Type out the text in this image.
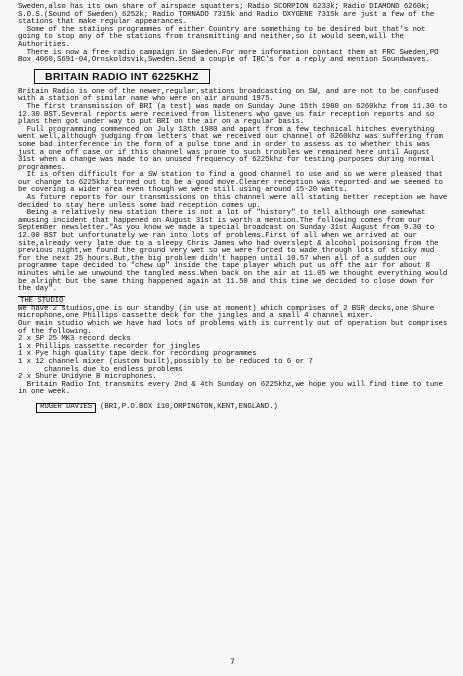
Sweden,also has its own share of airspace squatters; Radio SCORPION 6233k; Radio DIAMOND 6260k; S.O.S.(Sound of Sweden) 6252k; Radio TORNADO 7315k and Radio OXYGENE 7315k are just a few of the stations that make regular appearances.

Some of the stations programmes of either Country are something to be desired but that's not going to stop any of the stations from transmitting and neither,so it would seem,will the Authorities.

There is now a free radio campaign in Sweden.For more information contact them at FRC Sweden,PO Box 4060,S691-04,Ornskoldsvik,Sweden.Send a couple of IRC's for a reply and mention Soundwaves.

BRITAIN RADIO INT 6225KHZ

Britain Radio is one of the newer,regular,stations broadcasting on SW, and are not to be confused with a station of similar name who were on air around 1975.

The first transmission of BRI (a test) was made on Sunday June 15th 1980 on 6260khz from 11.30 to 12.30 BST.Several reports were received from listeners who gave us fair reception reports and so plans then got under way to put BRI on the air on a regular basis.

Full programming commenced on July 13th 1980 and apart from a few technical hitches everything went well,although judging from letters that we received our channel of 6260khz was suffering from some bad interference in the form of a pulse tone and in order to assess as to whether this was just a one off case or if this channel was prone to such troubles we remained here until August 31st when a change was made to an unused frequency of 6225khz for testing purposes during normal programmes.

It is often difficult for a SW station to find a good channel to use and so we were pleased that our change to 6225khz turned out to be a good move.Clearer reception was reported and we seemed to be covering a wider area even though we were still using around 15-20 watts.

As future reports for our transmissions on this channel were all stating better reception we have decided to stay here unless some bad reception comes up.

Being a relatively new station there is not a lot of "history" to tell although one somewhat amusing incident that happened on August 31st is worth a mention.The following comes from our September newsletter."As you know we made a special broadcast on Sunday 31st August from 9.30 to 12.00 BST but unfortunately we ran into lots of problems.First of all when we arrived at our site,already very late due to a sleepy Chris James who had overslept & alcohol poisoning from the previous night,we found the ground very wet so we were forced to wade through lots of sticky mud for the next 25 hours.But,the big problem didn't happen until 10.57 when all of a sudden our programme tape decided to "chew up" inside the tape player which put us off the air for about 8 minutes while we unwound the tangled mess.When back on the air at 11.05 we thought everything would be alright but the same thing happened again at 11.50 and this time we decided to close down for the day".

THE STUDIO

We have 2 studios,one is our standby (in use at moment) which comprises of 2 BSR decks,one Shure microphone,one Phillips cassette deck for the jingles and a small 4 channel mixer.

Our main studio which we have had lots of problems with is currently out of operation but comprises of the following.

2 x SP 25 MK3 record decks

1 x Phillips cassette recorder for jingles

1 x Pye high quality tape deck for recording programmes

1 x 12 channel mixer (custom built),possibly to be reduced to 6 or 7
channels due to endless problems

2 x Shure Unidyne B microphones.

Britain Radio Int transmits every 2nd & 4th Sunday on 6225khz,we hope you will find time to tune in one week.

ROGER DAVIES (BRI,P.O.BOX 110,ORPINGTON,KENT,ENGLAND.)
7
